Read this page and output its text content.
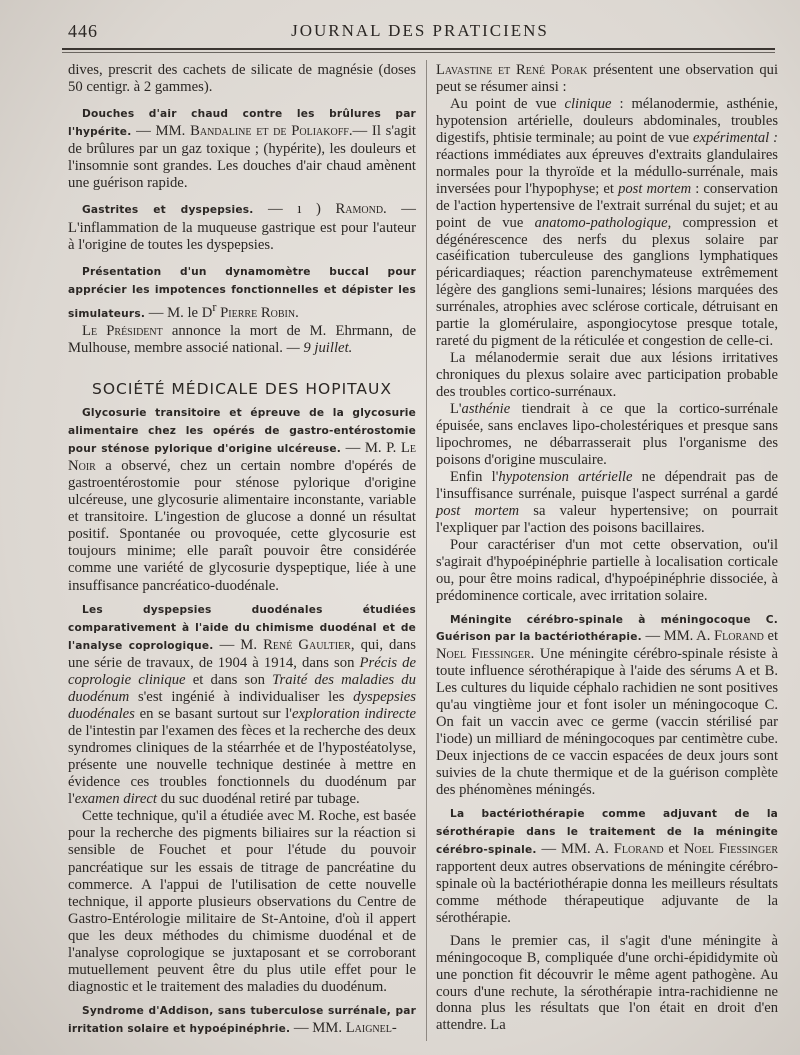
446	JOURNAL DES PRATICIENS

dives, prescrit des cachets de silicate de magnésie (doses 50 centigr. à 2 gammes).

Douches d'air chaud contre les brûlures par l'hypérite. — MM. Bandaline et de Poliakoff.— Il s'agit de brûlures par un gaz toxique ; (hypérite), les douleurs et l'insomnie sont grandes. Les douches d'air chaud amènent une guérison rapide.

Gastrites et dyspepsies. — ı ) Ramond. — L'inflammation de la muqueuse gastrique est pour l'auteur à l'origine de toutes les dyspepsies.

Présentation d'un dynamomètre buccal pour apprécier les impotences fonctionnelles et dépister les simulateurs. — M. le $D^r$ Pierre Robin.

Le Président annonce la mort de M. Ehrmann, de Mulhouse, membre associé national. — 9 juillet.

SOCIÉTÉ MÉDICALE DES HOPITAUX

Glycosurie transitoire et épreuve de la glycosurie alimentaire chez les opérés de gastro-entérostomie pour sténose pylorique d'origine ulcéreuse. — M. P. Le Noir a observé, chez un certain nombre d'opérés de gastroentérostomie pour sténose pylorique d'origine ulcéreuse, une glycosurie alimentaire inconstante, variable et transitoire. L'ingestion de glucose a donné un résultat positif. Spontanée ou provoquée, cette glycosurie est toujours minime; elle paraît pouvoir être considérée comme une variété de glycosurie dyspeptique, liée à une insuffisance pancréatico-duodénale.

Les dyspepsies duodénales étudiées comparativement à l'aide du chimisme duodénal et de l'analyse coprologique. — M. René Gaultier, qui, dans une série de travaux, de 1904 à 1914, dans son Précis de coprologie clinique et dans son Traité des maladies du duodénum s'est ingénié à individualiser les dyspepsies duodénales en se basant surtout sur l'exploration indirecte de l'intestin par l'examen des fèces et la recherche des deux syndromes cliniques de la stéarrhée et de l'hypostéatolyse, présente une nouvelle technique destinée à mettre en évidence ces troubles fonctionnels du duodénum par l'examen direct du suc duodénal retiré par tubage.

Cette technique, qu'il a étudiée avec M. Roche, est basée pour la recherche des pigments biliaires sur la réaction si sensible de Fouchet et pour l'étude du pouvoir pancréatique sur les essais de titrage de pancréatine du commerce. A l'appui de l'utilisation de cette nouvelle technique, il apporte plusieurs observations du Centre de Gastro-Entérologie militaire de St-Antoine, d'où il appert que les deux méthodes du chimisme duodénal et de l'analyse coprologique se juxtaposant et se corroborant mutuellement peuvent être du plus utile effet pour le diagnostic et le traitement des maladies du duodénum.

Syndrome d'Addison, sans tuberculose surrénale, par irritation solaire et hypoépinéphrie. — MM. Laignel-

Lavastine et René Porak présentent une observation qui peut se résumer ainsi :

Au point de vue clinique : mélanodermie, asthénie, hypotension artérielle, douleurs abdominales, troubles digestifs, phtisie terminale; au point de vue expérimental : réactions immédiates aux épreuves d'extraits glandulaires normales pour la thyroïde et la médullo-surrénale, mais inversées pour l'hypophyse; et post mortem : conservation de l'action hypertensive de l'extrait surrénal du sujet; et au point de vue anatomo-pathologique, compression et dégénérescence des nerfs du plexus solaire par caséification tuberculeuse des ganglions lymphatiques péricardiaques; réaction parenchymateuse extrêmement légère des ganglions semi-lunaires; lésions marquées des surrénales, atrophies avec sclérose corticale, détruisant en partie la glomérulaire, aspongiocytose presque totale, rareté du pigment de la réticulée et congestion de celle-ci.

La mélanodermie serait due aux lésions irritatives chroniques du plexus solaire avec participation probable des troubles cortico-surrénaux.

L'asthénie tiendrait à ce que la cortico-surrénale épuisée, sans enclaves lipo-cholestériques et presque sans lipochromes, ne débarrasserait plus l'organisme des poisons d'origine musculaire.

Enfin l'hypotension artérielle ne dépendrait pas de l'insuffisance surrénale, puisque l'aspect surrénal a gardé post mortem sa valeur hypertensive; on pourrait l'expliquer par l'action des poisons bacillaires.

Pour caractériser d'un mot cette observation, ou'il s'agirait d'hypoépinéphrie partielle à localisation corticale ou, pour être moins radical, d'hypoépinéphrie dissociée, à prédominence corticale, avec irritation solaire.

Méningite cérébro-spinale à méningocoque C. Guérison par la bactériothérapie. — MM. A. Florand et Noel Fiessinger. Une méningite cérébro-spinale résiste à toute influence sérothérapique à l'aide des sérums A et B. Les cultures du liquide céphalo rachidien ne sont positives qu'au vingtième jour et font isoler un méningocoque C. On fait un vaccin avec ce germe (vaccin stérilisé par l'iode) un milliard de méningocoques par centimètre cube. Deux injections de ce vaccin espacées de deux jours sont suivies de la chute thermique et de la guérison complète des phénomènes méningés.

La bactériothérapie comme adjuvant de la sérothérapie dans le traitement de la méningite cérébro-spinale. — MM. A. Florand et Noel Fiessinger rapportent deux autres observations de méningite cérébro-spinale où la bactériothérapie donna les meilleurs résultats comme méthode thérapeutique adjuvante de la sérothérapie.

Dans le premier cas, il s'agit d'une méningite à méningocoque B, compliquée d'une orchi-épididymite où une ponction fit découvrir le même agent pathogène. Au cours d'une rechute, la sérothérapie intra-rachidienne ne donna plus les résultats que l'on était en droit d'en attendre. La
